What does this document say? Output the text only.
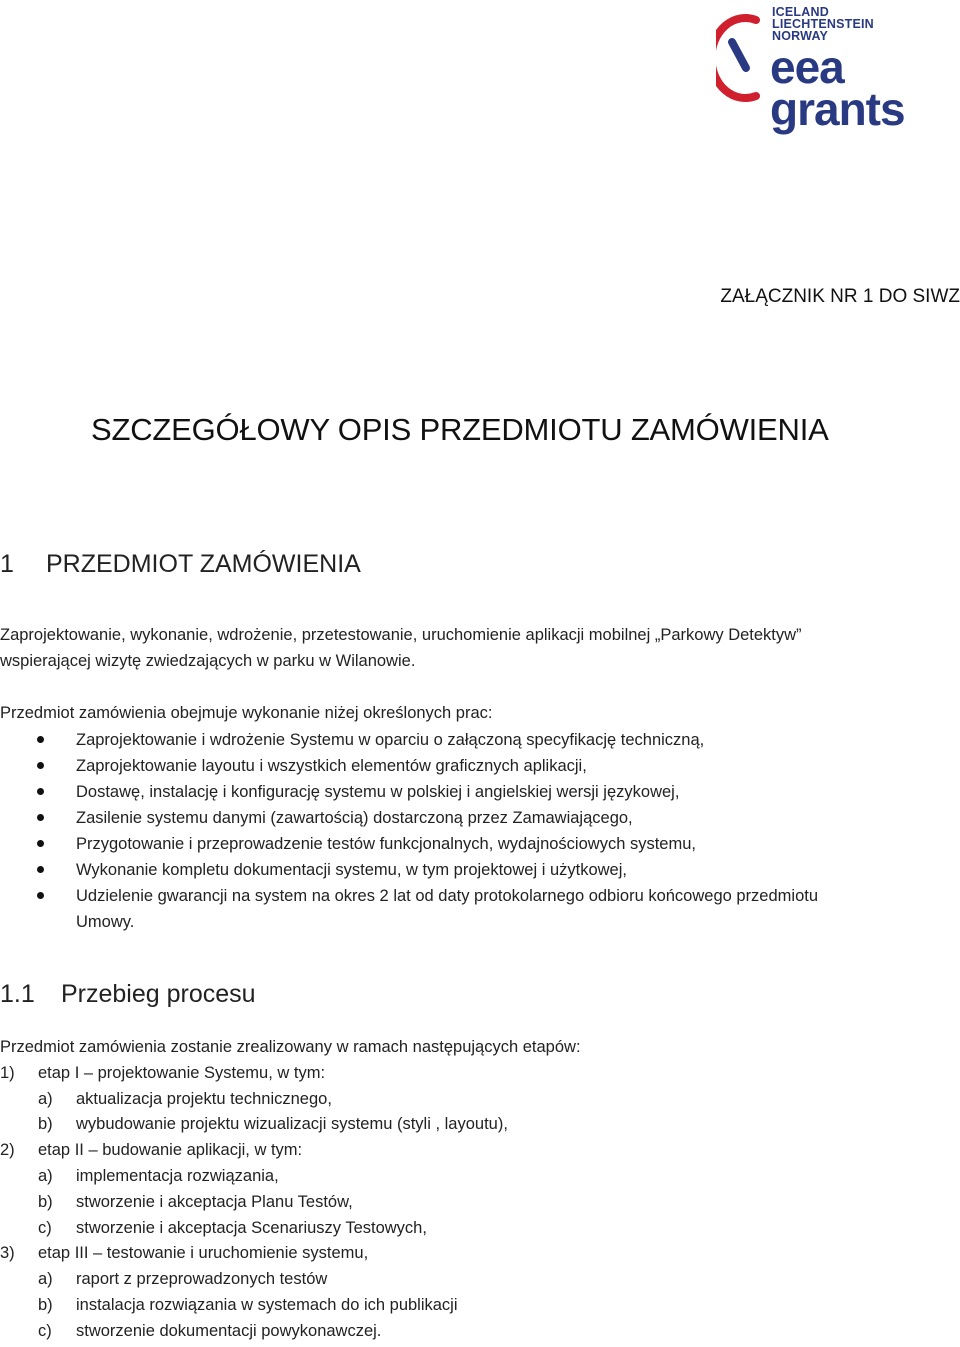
ICELAND
LIECHTENSTEIN
NORWAY
eea
grants
ZAŁĄCZNIK NR 1 DO SIWZ
SZCZEGÓŁOWY OPIS PRZEDMIOTU ZAMÓWIENIA
1 PRZEDMIOT ZAMÓWIENIA
Zaprojektowanie, wykonanie, wdrożenie, przetestowanie, uruchomienie aplikacji mobilnej „Parkowy Detektyw”
wspierającej wizytę zwiedzających w parku w Wilanowie.
Przedmiot zamówienia obejmuje wykonanie niżej określonych prac:
Zaprojektowanie i wdrożenie Systemu w oparciu o załączoną specyfikację techniczną,
Zaprojektowanie layoutu i wszystkich elementów graficznych aplikacji,
Dostawę, instalację i konfigurację systemu w polskiej i angielskiej wersji językowej,
Zasilenie systemu danymi (zawartością) dostarczoną przez Zamawiającego,
Przygotowanie i przeprowadzenie testów funkcjonalnych, wydajnościowych systemu,
Wykonanie kompletu dokumentacji systemu, w tym projektowej i użytkowej,
Udzielenie gwarancji na system na okres 2 lat od daty protokolarnego odbioru końcowego przedmiotu
Umowy.
1.1 Przebieg procesu
Przedmiot zamówienia zostanie zrealizowany w ramach następujących etapów:
1) etap I – projektowanie Systemu, w tym:
a) aktualizacja projektu technicznego,
b) wybudowanie projektu wizualizacji systemu (styli , layoutu),
2) etap II – budowanie aplikacji, w tym:
a) implementacja rozwiązania,
b) stworzenie i akceptacja Planu Testów,
c) stworzenie i akceptacja Scenariuszy Testowych,
3) etap III – testowanie i uruchomienie systemu,
a) raport z przeprowadzonych testów
b) instalacja rozwiązania w systemach do ich publikacji
c) stworzenie dokumentacji powykonawczej.
